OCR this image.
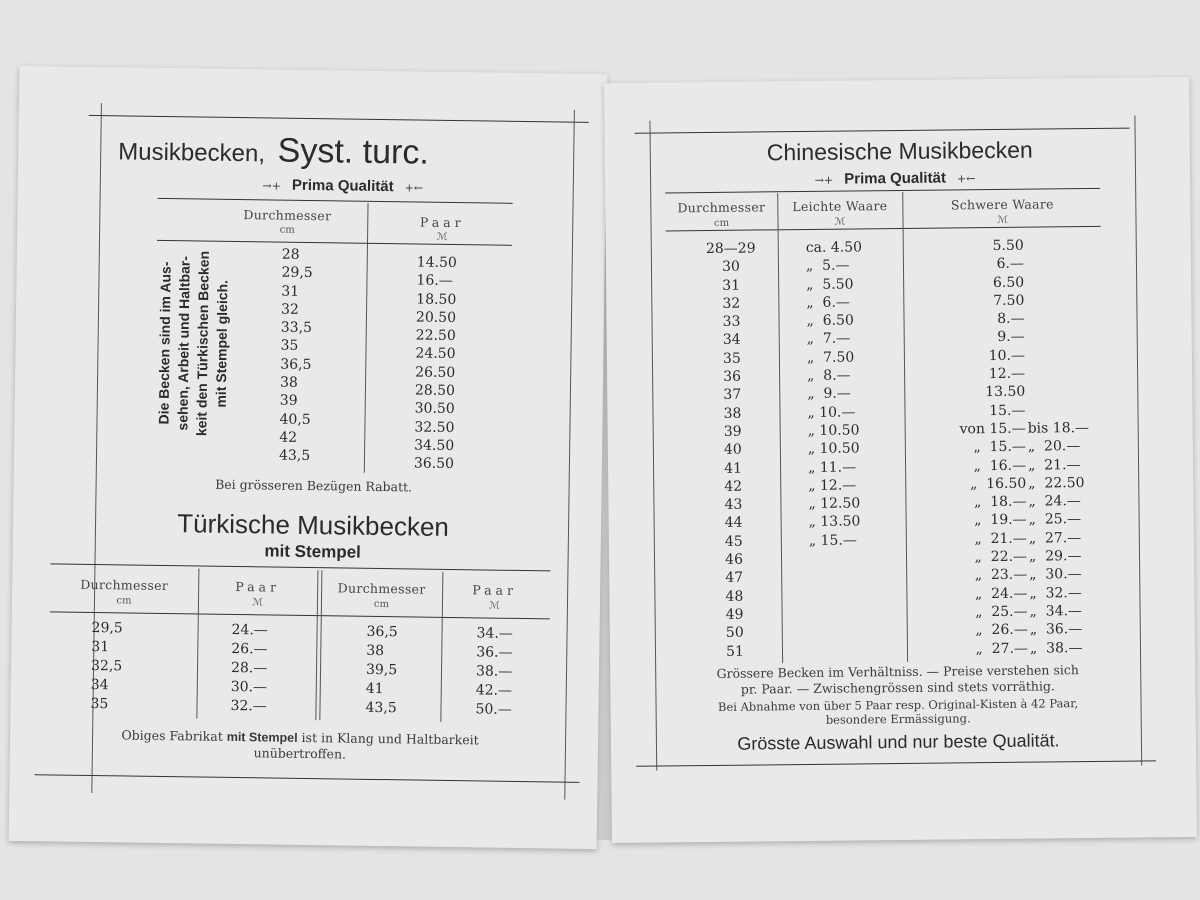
Musikbecken, Syst. turc.
→+ Prima Qualität +←
Durchmesser
cm
Paar
ℳ
28
29,5
31
32
33,5
35
36,5
38
39
40,5
42
43,5
14.50
16.—
18.50
20.50
22.50
24.50
26.50
28.50
30.50
32.50
34.50
36.50
Die Becken sind im Aus-
sehen, Arbeit und Haltbar-
keit den Türkischen Becken
mit Stempel gleich.
Bei grösseren Bezügen Rabatt.
Türkische Musikbecken
mit Stempel
Durchmesser
cm
Paar
ℳ
Durchmesser
cm
Paar
ℳ
29,5
31
32,5
34
35
24.—
26.—
28.—
30.—
32.—
36,5
38
39,5
41
43,5
34.—
36.—
38.—
42.—
50.—
Obiges Fabrikat mit Stempel ist in Klang und Haltbarkeit
unübertroffen.
Chinesische Musikbecken
→+ Prima Qualität +←
Durchmesser
cm
Leichte Waare
ℳ
Schwere Waare
ℳ
28—29
30
31
32
33
34
35
36
37
38
39
40
41
42
43
44
45
46
47
48
49
50
51
ca. 4.50
„  5.—
„  5.50
„  6.—
„  6.50
„  7.—
„  7.50
„  8.—
„  9.—
„ 10.—
„ 10.50
„ 10.50
„ 11.—
„ 12.—
„ 12.50
„ 13.50
„ 15.—

5.50
6.—
6.50
7.50
8.—
9.—
10.—
12.—
13.50
15.—
von 15.—
„  15.—
„  16.—
„  16.50
„  18.—
„  19.—
„  21.—
„  22.—
„  23.—
„  24.—
„  25.—
„  26.—
„  27.—

bis 18.—
„  20.—
„  21.—
„  22.50
„  24.—
„  25.—
„  27.—
„  29.—
„  30.—
„  32.—
„  34.—
„  36.—
„  38.—
Grössere Becken im Verhältniss. — Preise verstehen sich
pr. Paar. — Zwischengrössen sind stets vorräthig.
Bei Abnahme von über 5 Paar resp. Original-Kisten à 42 Paar,
besondere Ermässigung.
Grösste Auswahl und nur beste Qualität.
